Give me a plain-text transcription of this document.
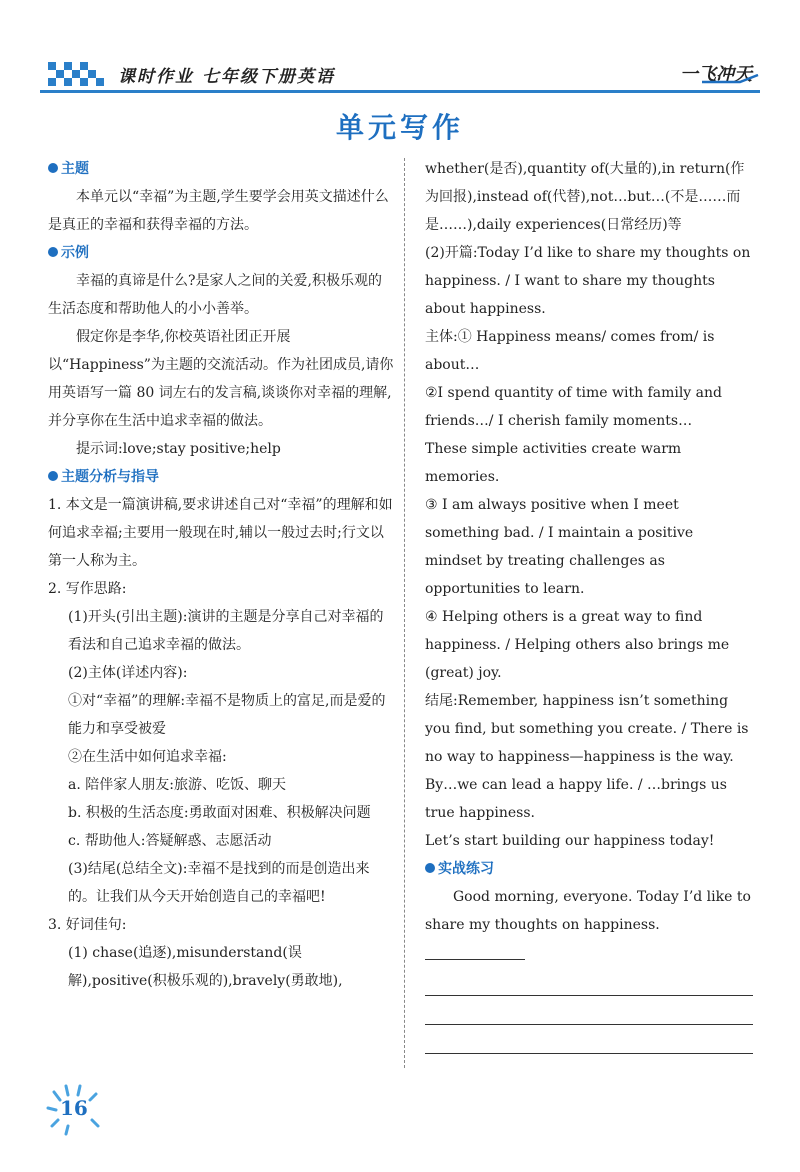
课时作业 七年级下册英语	一飞冲天
单元写作
主题

本单元以“幸福”为主题,学生要学会用英文描述什么是真正的幸福和获得幸福的方法。

示例

幸福的真谛是什么?是家人之间的关爱,积极乐观的生活态度和帮助他人的小小善举。

假定你是李华,你校英语社团正开展以“Happiness”为主题的交流活动。作为社团成员,请你用英语写一篇 80 词左右的发言稿,谈谈你对幸福的理解,并分享你在生活中追求幸福的做法。

提示词:love;stay positive;help

主题分析与指导

1. 本文是一篇演讲稿,要求讲述自己对“幸福”的理解和如何追求幸福;主要用一般现在时,辅以一般过去时;行文以第一人称为主。

2. 写作思路:

(1)开头(引出主题):演讲的主题是分享自己对幸福的看法和自己追求幸福的做法。

(2)主体(详述内容):

①对“幸福”的理解:幸福不是物质上的富足,而是爱的能力和享受被爱

②在生活中如何追求幸福:

a. 陪伴家人朋友:旅游、吃饭、聊天

b. 积极的生活态度:勇敢面对困难、积极解决问题

c. 帮助他人:答疑解惑、志愿活动

(3)结尾(总结全文):幸福不是找到的而是创造出来的。让我们从今天开始创造自己的幸福吧!

3. 好词佳句:

(1) chase(追逐),misunderstand(误解),positive(积极乐观的),bravely(勇敢地),

whether(是否),quantity of(大量的),in return(作为回报),instead of(代替),not…but…(不是……而是……),daily experiences(日常经历)等

(2)开篇:Today I’d like to share my thoughts on happiness. / I want to share my thoughts about happiness.

主体:① Happiness means/ comes from/ is about…

②I spend quantity of time with family and friends…/ I cherish family moments…

These simple activities create warm memories.

③ I am always positive when I meet something bad. / I maintain a positive mindset by treating challenges as opportunities to learn.

④ Helping others is a great way to find happiness. / Helping others also brings me (great) joy.

结尾:Remember, happiness isn’t something you find, but something you create. / There is no way to happiness—happiness is the way.

By…we can lead a happy life. / …brings us true happiness.

Let’s start building our happiness today!

实战练习

Good morning, everyone. Today I’d like to

share my thoughts on happiness.

16
